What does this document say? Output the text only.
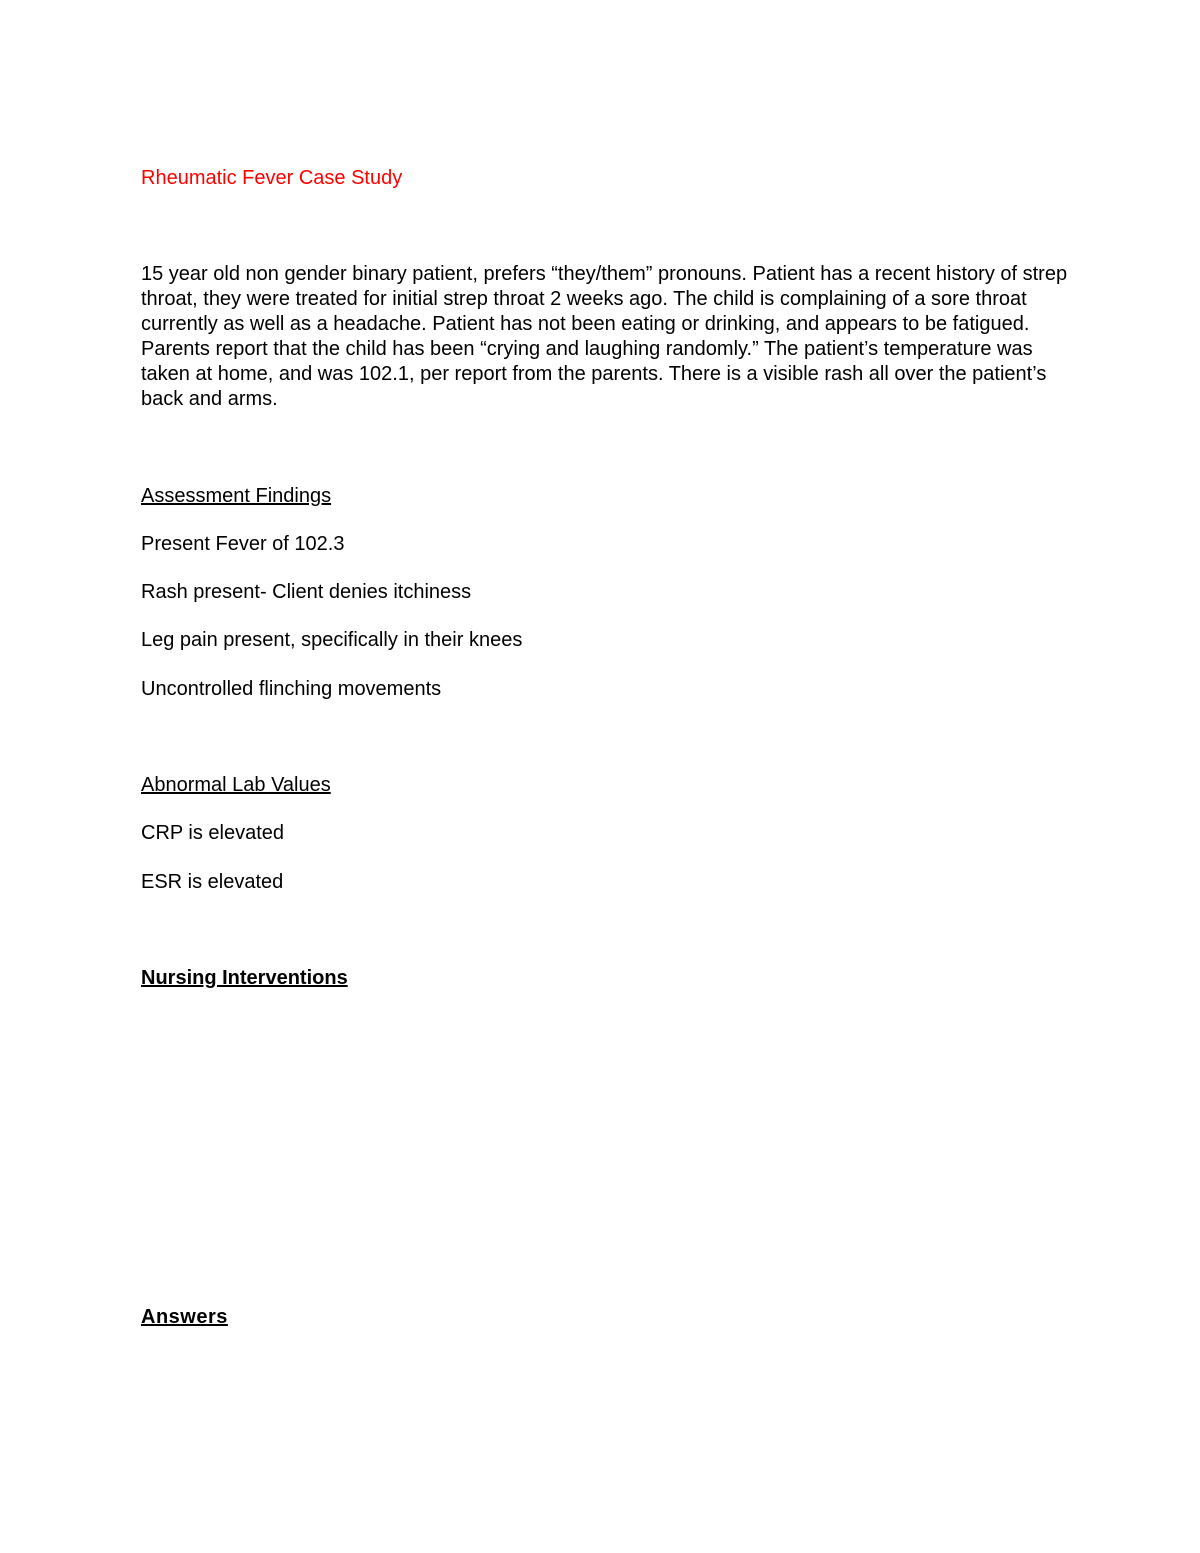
Rheumatic Fever Case Study

15 year old non gender binary patient, prefers “they/them” pronouns. Patient has a recent history of strep throat, they were treated for initial strep throat 2 weeks ago. The child is complaining of a sore throat currently as well as a headache. Patient has not been eating or drinking, and appears to be fatigued. Parents report that the child has been “crying and laughing randomly.” The patient’s temperature was taken at home, and was 102.1, per report from the parents. There is a visible rash all over the patient’s back and arms.

Assessment Findings

Present Fever of 102.3

Rash present- Client denies itchiness

Leg pain present, specifically in their knees

Uncontrolled flinching movements

Abnormal Lab Values

CRP is elevated

ESR is elevated

Nursing Interventions

Answers
